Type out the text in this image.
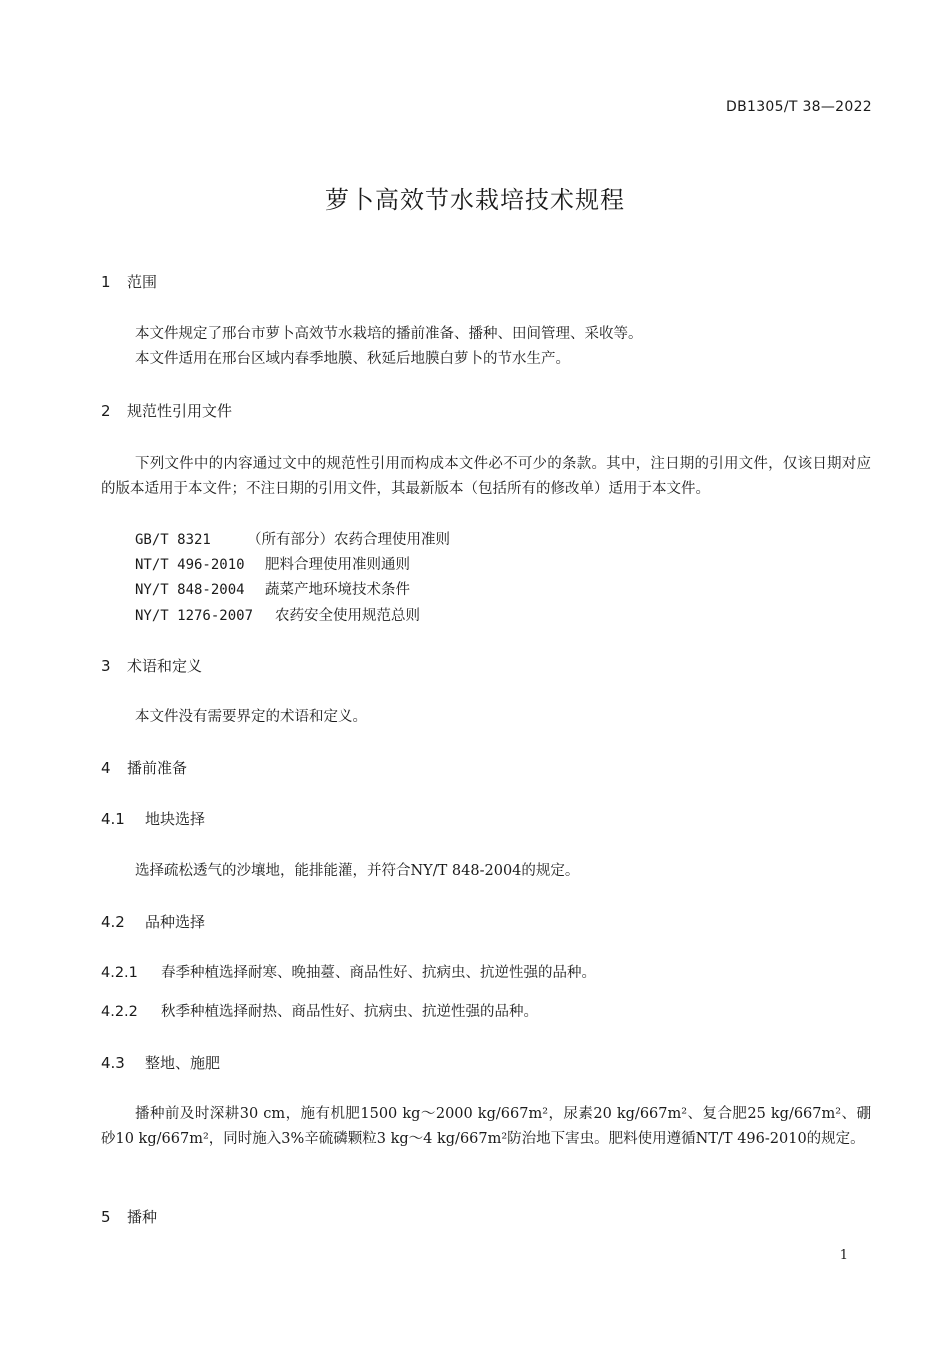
DB1305/T 38—2022
萝卜高效节水栽培技术规程
1 范围
本文件规定了邢台市萝卜高效节水栽培的播前准备、播种、田间管理、采收等。
本文件适用在邢台区域内春季地膜、秋延后地膜白萝卜的节水生产。
2 规范性引用文件
下列文件中的内容通过文中的规范性引用而构成本文件必不可少的条款。其中，注日期的引用文件，仅该日期对应的版本适用于本文件；不注日期的引用文件，其最新版本（包括所有的修改单）适用于本文件。
GB/T 8321 （所有部分）农药合理使用准则
NT/T 496-2010 肥料合理使用准则通则
NY/T 848-2004 蔬菜产地环境技术条件
NY/T 1276-2007 农药安全使用规范总则
3 术语和定义
本文件没有需要界定的术语和定义。
4 播前准备
4.1 地块选择
选择疏松透气的沙壤地，能排能灌，并符合NY/T 848-2004的规定。
4.2 品种选择
4.2.1 春季种植选择耐寒、晚抽薹、商品性好、抗病虫、抗逆性强的品种。
4.2.2 秋季种植选择耐热、商品性好、抗病虫、抗逆性强的品种。
4.3 整地、施肥
播种前及时深耕30 cm，施有机肥1500 kg～2000 kg/667m²，尿素20 kg/667m²、复合肥25 kg/667m²、硼砂10 kg/667m²，同时施入3%辛硫磷颗粒3 kg～4 kg/667m²防治地下害虫。肥料使用遵循NT/T 496-2010的规定。
5 播种
1
